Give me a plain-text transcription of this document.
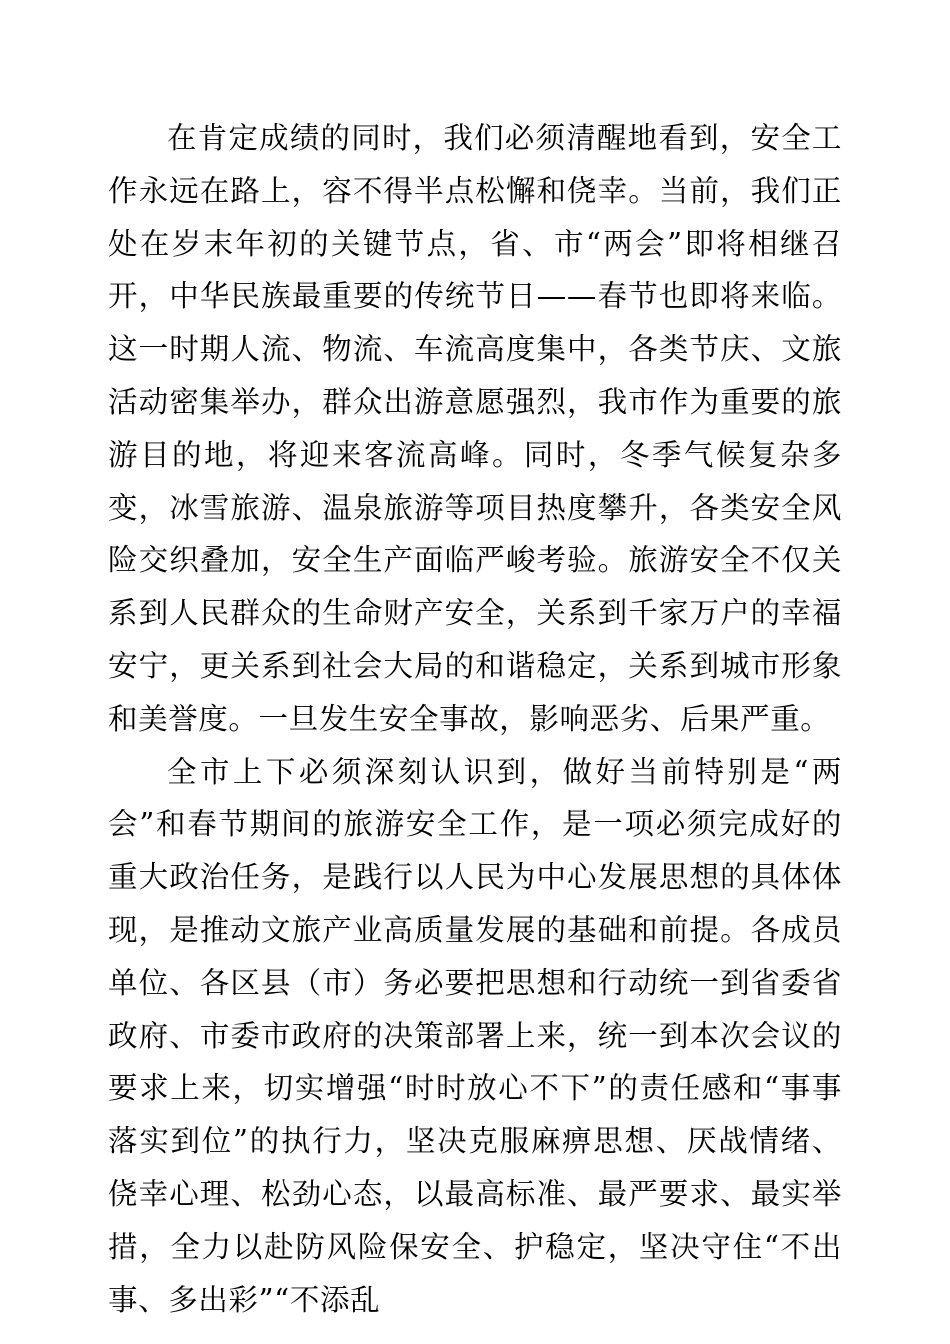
在肯定成绩的同时，我们必须清醒地看到，安全工作永远在路上，容不得半点松懈和侥幸。当前，我们正处在岁末年初的关键节点，省、市“两会”即将相继召开，中华民族最重要的传统节日——春节也即将来临。这一时期人流、物流、车流高度集中，各类节庆、文旅活动密集举办，群众出游意愿强烈，我市作为重要的旅游目的地，将迎来客流高峰。同时，冬季气候复杂多变，冰雪旅游、温泉旅游等项目热度攀升，各类安全风险交织叠加，安全生产面临严峻考验。旅游安全不仅关系到人民群众的生命财产安全，关系到千家万户的幸福安宁，更关系到社会大局的和谐稳定，关系到城市形象和美誉度。一旦发生安全事故，影响恶劣、后果严重。

全市上下必须深刻认识到，做好当前特别是“两会”和春节期间的旅游安全工作，是一项必须完成好的重大政治任务，是践行以人民为中心发展思想的具体体现，是推动文旅产业高质量发展的基础和前提。各成员单位、各区县（市）务必要把思想和行动统一到省委省政府、市委市政府的决策部署上来，统一到本次会议的要求上来，切实增强“时时放心不下”的责任感和“事事落实到位”的执行力，坚决克服麻痹思想、厌战情绪、侥幸心理、松劲心态，以最高标准、最严要求、最实举措，全力以赴防风险保安全、护稳定，坚决守住“不出事、多出彩”“不添乱
